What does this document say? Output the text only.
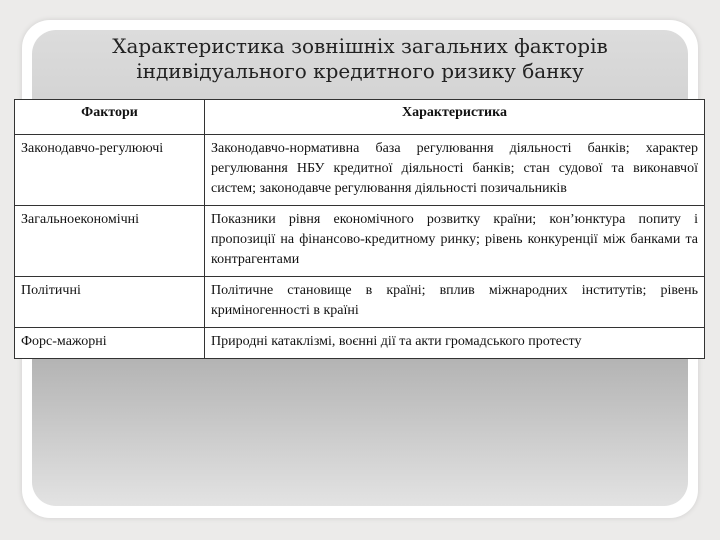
Характеристика зовнішніх загальних факторів
індивідуального кредитного ризику банку
Фактори	Характеристика
Законодавчо-регулюючі	Законодавчо-нормативна база регулювання діяльності банків; характер регулювання НБУ кредитної діяльності банків; стан судової та виконавчої систем; законодавче регулювання діяльності позичальників
Загальноекономічні	Показники рівня економічного розвитку країни; кон’юнктура попиту і пропозиції на фінансово-кредитному ринку; рівень конкуренції між банками та контрагентами
Політичні	Політичне становище в країні; вплив міжнародних інститутів; рівень криміногенності в країні
Форс-мажорні	Природні катаклізмі, воєнні дії та акти громадського протесту
